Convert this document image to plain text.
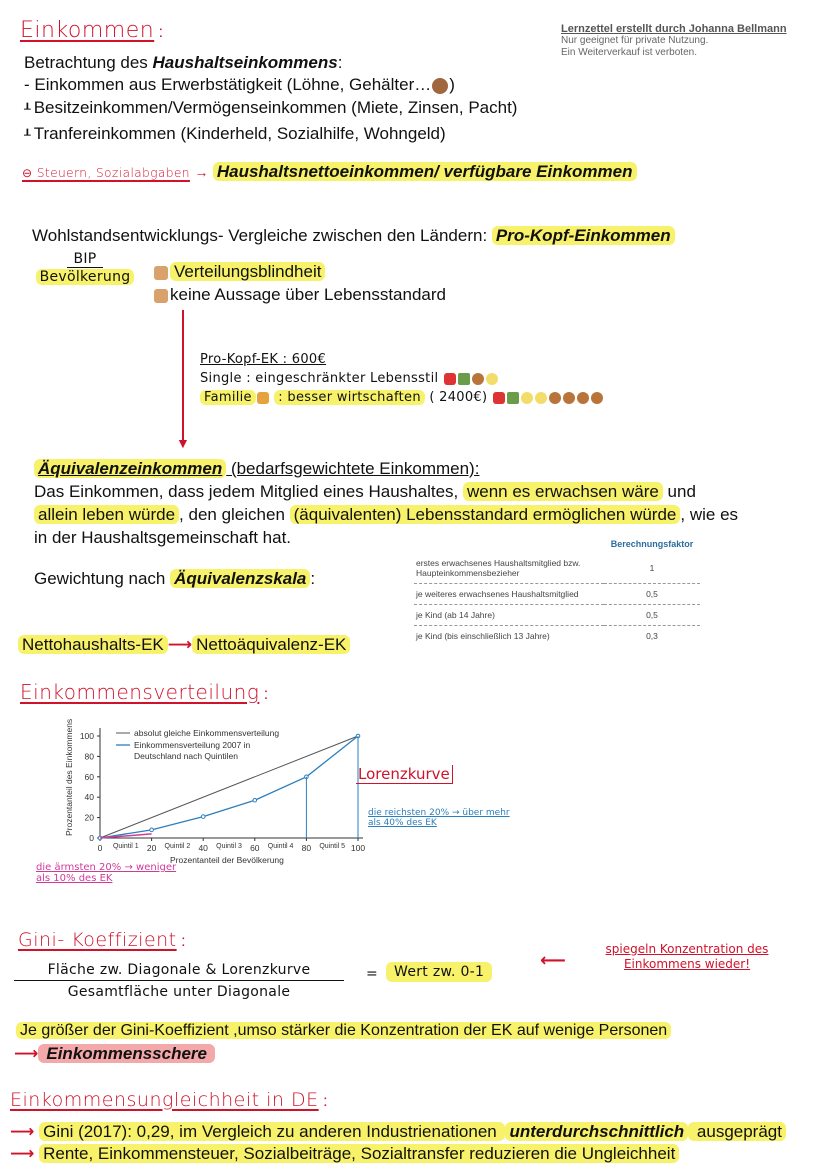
Lernzettel erstellt durch Johanna Bellmann
Nur geeignet für private Nutzung.
Ein Weiterverkauf ist verboten.
Einkommen :
Betrachtung des Haushaltseinkommens:
- Einkommen aus Erwerbstätigkeit (Löhne, Gehälter… )
┸ Besitzeinkommen/Vermögenseinkommen (Miete, Zinsen, Pacht)
┸ Tranfereinkommen (Kinderheld, Sozialhilfe, Wohngeld)
⊖ Steuern, Sozialabgaben → Haushaltsnettoeinkommen/ verfügbare Einkommen
Wohlstandsentwicklungs- Vergleiche zwischen den Ländern: Pro-Kopf-Einkommen
BIP
Bevölkerung	Verteilungsblindheit
keine Aussage über Lebensstandard
▼
Pro-Kopf-EK : 600€
Single : eingeschränkter Lebensstil
Familie : besser wirtschaften ( 2400€)
Äquivalenzeinkommen (bedarfsgewichtete Einkommen):
Das Einkommen, dass jedem Mitglied eines Haushaltes, wenn es erwachsen wäre und
allein leben würde , den gleichen (äquivalenten) Lebensstandard ermöglichen würde , wie es
in der Haushaltsgemeinschaft hat.
Gewichtung nach Äquivalenzskala :
	Berechnungsfaktor
erstes erwachsenes Haushaltsmitglied bzw. Haupteinkommensbezieher	1
je weiteres erwachsenes Haushaltsmitglied	0,5
je Kind (ab 14 Jahre)	0,5
je Kind (bis einschließlich 13 Jahre)	0,3
Nettohaushalts-EK ⟶ Nettoäquivalenz-EK
Einkommensverteilung :
0
20
40
60
80
100
0	20	40	60	80	100
Quintil 1	Quintil 2	Quintil 3	Quintil 4	Quintil 5
absolut gleiche Einkommensverteilung
Einkommensverteilung 2007 in
Deutschland nach Quintilen
Prozentanteil des Einkommens
Prozentanteil der Bevölkerung
Lorenzkurve
die reichsten 20% → über mehr als 40% des EK
die ärmsten 20% → weniger als 10% des EK
Gini- Koeffizient :
Fläche zw. Diagonale & Lorenzkurve
Gesamtfläche unter Diagonale
=	Wert zw. 0-1
⟵
spiegeln Konzentration des Einkommens wieder!
Je größer der Gini-Koeffizient ,umso stärker die Konzentration der EK auf wenige Personen
⟶ Einkommensschere
Einkommensungleichheit in DE :
⟶ Gini (2017): 0,29, im Vergleich zu anderen Industrienationen unterdurchschnittlich ausgeprägt
⟶ Rente, Einkommensteuer, Sozialbeiträge, Sozialtransfer reduzieren die Ungleichheit
